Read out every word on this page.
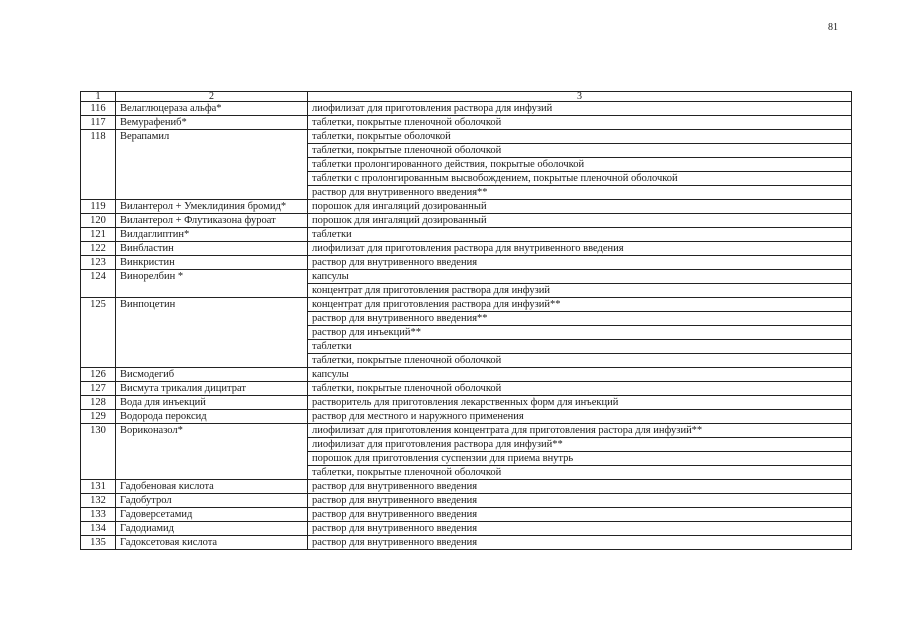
81
1	2	3
116	Велаглюцераза альфа*	лиофилизат для приготовления раствора для инфузий
117	Вемурафениб*	таблетки, покрытые пленочной оболочкой
118	Верапамил	таблетки, покрытые оболочкой
		таблетки, покрытые пленочной оболочкой
		таблетки пролонгированного действия, покрытые оболочкой
		таблетки с пролонгированным высвобождением, покрытые пленочной оболочкой
		раствор для внутривенного введения**
119	Вилантерол + Умеклидиния бромид*	порошок для ингаляций дозированный
120	Вилантерол + Флутиказона фуроат	порошок для ингаляций дозированный
121	Вилдаглиптин*	таблетки
122	Винбластин	лиофилизат для приготовления раствора для внутривенного введения
123	Винкристин	раствор для внутривенного введения
124	Винорелбин *	капсулы
		концентрат для приготовления раствора для инфузий
125	Винпоцетин	концентрат для приготовления раствора для инфузий**
		раствор для внутривенного введения**
		раствор для инъекций**
		таблетки
		таблетки, покрытые пленочной оболочкой
126	Висмодегиб	капсулы
127	Висмута трикалия дицитрат	таблетки, покрытые пленочной оболочкой
128	Вода для инъекций	растворитель для приготовления лекарственных форм для инъекций
129	Водорода пероксид	раствор для местного и наружного применения
130	Вориконазол*	лиофилизат для приготовления концентрата для приготовления растора для инфузий**
		лиофилизат для приготовления раствора для инфузий**
		порошок для приготовления суспензии для приема внутрь
		таблетки, покрытые пленочной оболочкой
131	Гадобеновая кислота	раствор для внутривенного введения
132	Гадобутрол	раствор для внутривенного введения
133	Гадоверсетамид	раствор для внутривенного введения
134	Гадодиамид	раствор для внутривенного введения
135	Гадоксетовая кислота	раствор для внутривенного введения
